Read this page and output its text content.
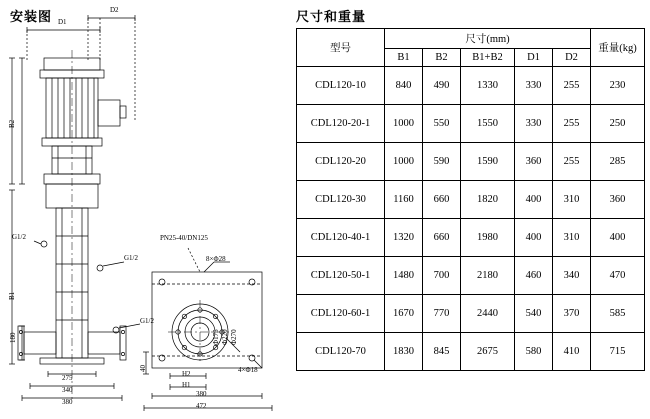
安装图	D2
D1
B2
B1
G1/2
G1/2
G1/2
PN25-40/DN125
8×Φ28
Φ175 Φ220 Φ270
4×Φ18
180
275
340
380
40
H2
H1
380
472
尺寸和重量
型号	尺寸(mm)					重量(kg)
	B1	B2	B1+B2	D1	D2	
CDL120-10	840	490	1330	330	255	230
CDL120-20-1	1000	550	1550	330	255	250
CDL120-20	1000	590	1590	360	255	285
CDL120-30	1160	660	1820	400	310	360
CDL120-40-1	1320	660	1980	400	310	400
CDL120-50-1	1480	700	2180	460	340	470
CDL120-60-1	1670	770	2440	540	370	585
CDL120-70	1830	845	2675	580	410	715
